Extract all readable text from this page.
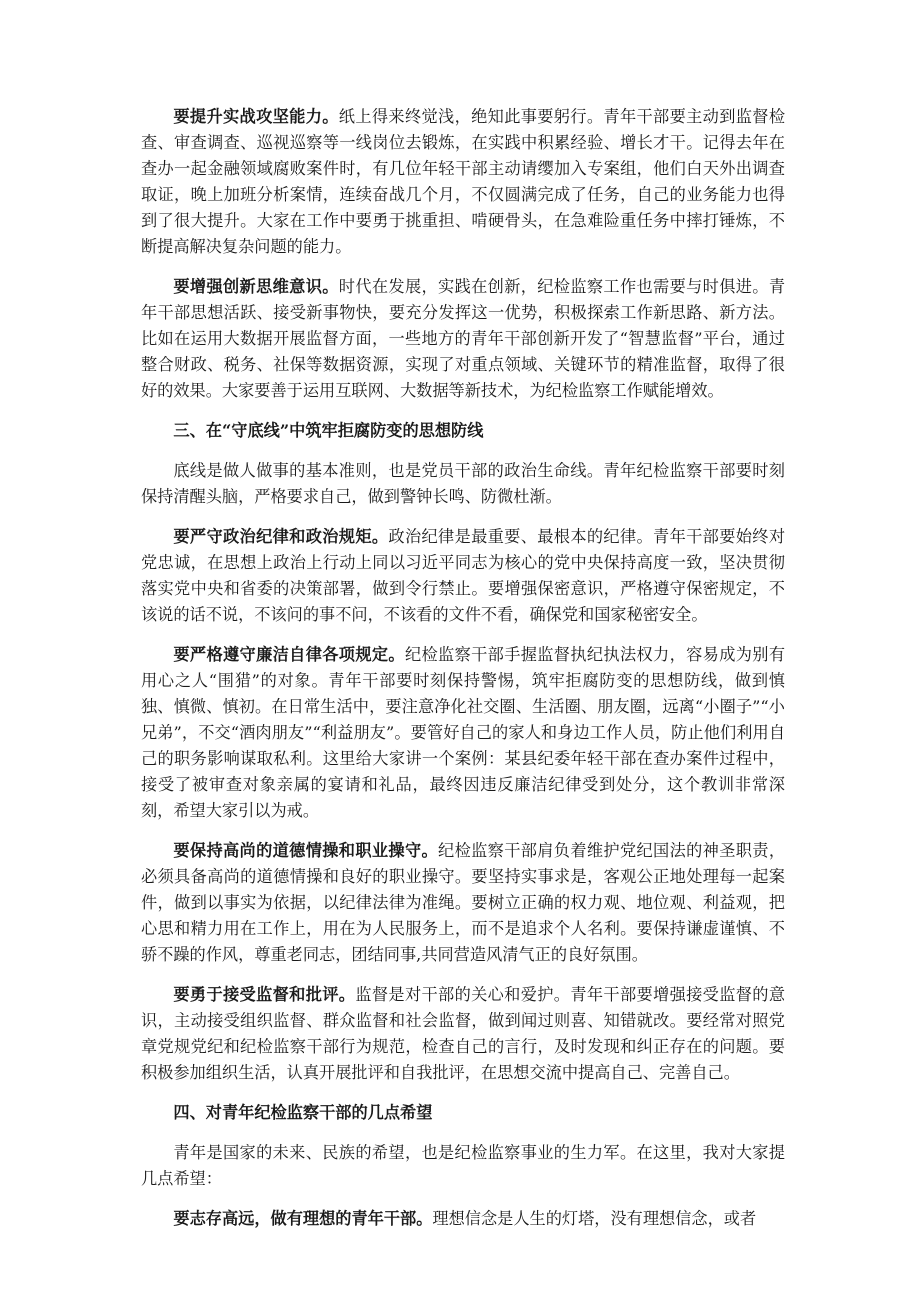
要提升实战攻坚能力。纸上得来终觉浅，绝知此事要躬行。青年干部要主动到监督检查、审查调查、巡视巡察等一线岗位去锻炼，在实践中积累经验、增长才干。记得去年在查办一起金融领域腐败案件时，有几位年轻干部主动请缨加入专案组，他们白天外出调查取证，晚上加班分析案情，连续奋战几个月，不仅圆满完成了任务，自己的业务能力也得到了很大提升。大家在工作中要勇于挑重担、啃硬骨头，在急难险重任务中摔打锤炼，不断提高解决复杂问题的能力。

要增强创新思维意识。时代在发展，实践在创新，纪检监察工作也需要与时俱进。青年干部思想活跃、接受新事物快，要充分发挥这一优势，积极探索工作新思路、新方法。比如在运用大数据开展监督方面，一些地方的青年干部创新开发了“智慧监督”平台，通过整合财政、税务、社保等数据资源，实现了对重点领域、关键环节的精准监督，取得了很好的效果。大家要善于运用互联网、大数据等新技术，为纪检监察工作赋能增效。

三、在“守底线”中筑牢拒腐防变的思想防线

底线是做人做事的基本准则，也是党员干部的政治生命线。青年纪检监察干部要时刻保持清醒头脑，严格要求自己，做到警钟长鸣、防微杜渐。

要严守政治纪律和政治规矩。政治纪律是最重要、最根本的纪律。青年干部要始终对党忠诚，在思想上政治上行动上同以习近平同志为核心的党中央保持高度一致，坚决贯彻落实党中央和省委的决策部署，做到令行禁止。要增强保密意识，严格遵守保密规定，不该说的话不说，不该问的事不问，不该看的文件不看，确保党和国家秘密安全。

要严格遵守廉洁自律各项规定。纪检监察干部手握监督执纪执法权力，容易成为别有用心之人“围猎”的对象。青年干部要时刻保持警惕，筑牢拒腐防变的思想防线，做到慎独、慎微、慎初。在日常生活中，要注意净化社交圈、生活圈、朋友圈，远离“小圈子”“小兄弟”，不交“酒肉朋友”“利益朋友”。要管好自己的家人和身边工作人员，防止他们利用自己的职务影响谋取私利。这里给大家讲一个案例：某县纪委年轻干部在查办案件过程中，接受了被审查对象亲属的宴请和礼品，最终因违反廉洁纪律受到处分，这个教训非常深刻，希望大家引以为戒。

要保持高尚的道德情操和职业操守。纪检监察干部肩负着维护党纪国法的神圣职责，必须具备高尚的道德情操和良好的职业操守。要坚持实事求是，客观公正地处理每一起案件，做到以事实为依据，以纪律法律为准绳。要树立正确的权力观、地位观、利益观，把心思和精力用在工作上，用在为人民服务上，而不是追求个人名利。要保持谦虚谨慎、不骄不躁的作风，尊重老同志，团结同事,共同营造风清气正的良好氛围。

要勇于接受监督和批评。监督是对干部的关心和爱护。青年干部要增强接受监督的意识，主动接受组织监督、群众监督和社会监督，做到闻过则喜、知错就改。要经常对照党章党规党纪和纪检监察干部行为规范，检查自己的言行，及时发现和纠正存在的问题。要积极参加组织生活，认真开展批评和自我批评，在思想交流中提高自己、完善自己。

四、对青年纪检监察干部的几点希望

青年是国家的未来、民族的希望，也是纪检监察事业的生力军。在这里，我对大家提几点希望：

要志存高远，做有理想的青年干部。理想信念是人生的灯塔，没有理想信念，或者
